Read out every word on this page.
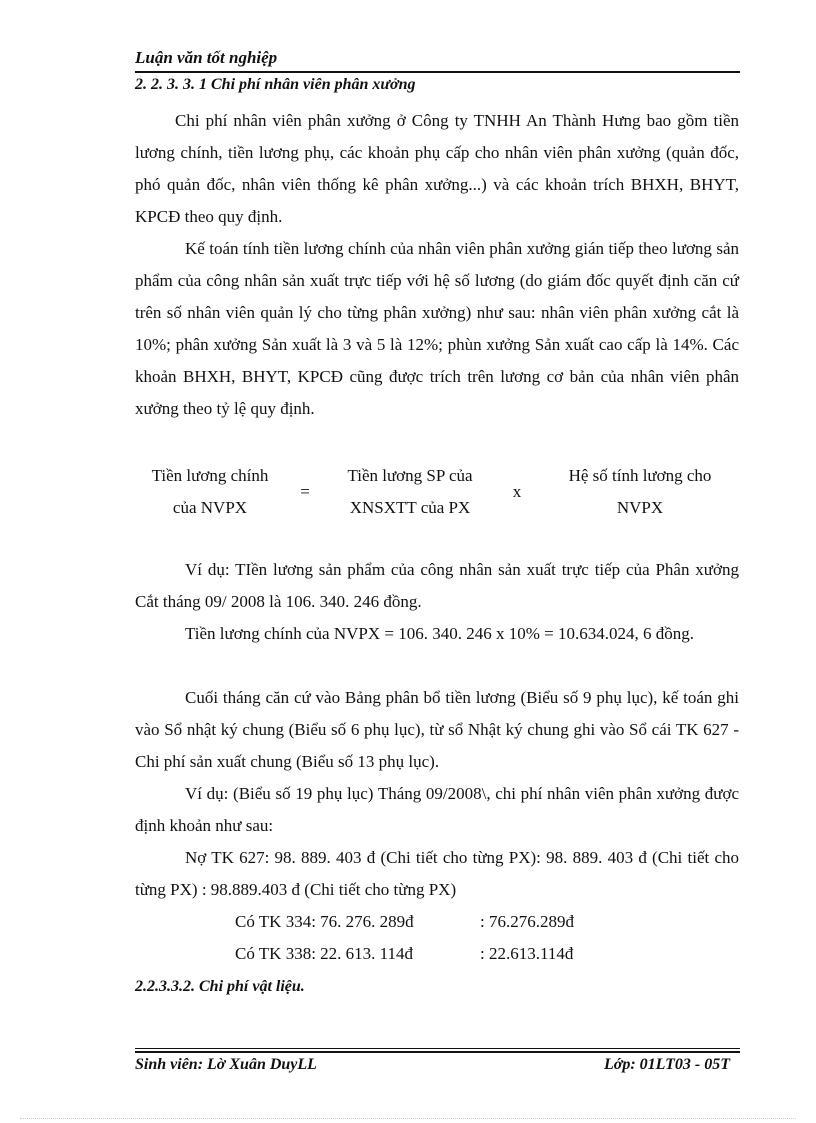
Luận văn tốt nghiệp
2. 2. 3. 3. 1 Chi phí nhân viên phân xưởng

Chi phí nhân viên phân xưởng ở Công ty TNHH An Thành Hưng bao gồm tiền lương chính, tiền lương phụ, các khoản phụ cấp cho nhân viên phân xưởng (quản đốc, phó quản đốc, nhân viên thống kê phân xưởng...) và các khoản trích BHXH, BHYT, KPCĐ theo quy định.

Kế toán tính tiền lương chính của nhân viên phân xưởng gián tiếp theo lương sản phẩm của công nhân sản xuất trực tiếp với hệ số lương (do giám đốc quyết định căn cứ trên số nhân viên quản lý cho từng phân xưởng) như sau: nhân viên phân xưởng cắt là 10%; phân xưởng Sản xuất là 3 và 5 là 12%; phùn xưởng Sản xuất cao cấp là 14%. Các khoản BHXH, BHYT, KPCĐ cũng được trích trên lương cơ bản của nhân viên phân xưởng theo tỷ lệ quy định.

Tiền lương chính
của NVPX
=
Tiền lương SP của
XNSXTT của PX
x
Hệ số tính lương cho
NVPX

Ví dụ: TIền lương sản phẩm của công nhân sản xuất trực tiếp của Phân xưởng Cắt tháng 09/ 2008 là 106. 340. 246 đồng.

Tiền lương chính của NVPX = 106. 340. 246 x 10% = 10.634.024, 6 đồng.

Cuối tháng căn cứ vào Bảng phân bổ tiền lương (Biểu số 9 phụ lục), kế toán ghi vào Sổ nhật ký chung (Biểu số 6 phụ lục), từ sổ Nhật ký chung ghi vào Sổ cái TK 627 - Chi phí sản xuất chung (Biểu số 13 phụ lục).

Ví dụ: (Biểu số 19 phụ lục) Tháng 09/2008\, chi phí nhân viên phân xưởng được định khoản như sau:

Nợ TK 627: 98. 889. 403 đ (Chi tiết cho từng PX): 98. 889. 403 đ (Chi tiết cho từng PX) : 98.889.403 đ (Chi tiết cho từng PX)

Có TK 334: 76. 276. 289đ	: 76.276.289đ
Có TK 338: 22. 613. 114đ	: 22.613.114đ
2.2.3.3.2. Chi phí vật liệu.
Sinh viên: Lờ Xuân DuyLL	Lớp: 01LT03 - 05T
